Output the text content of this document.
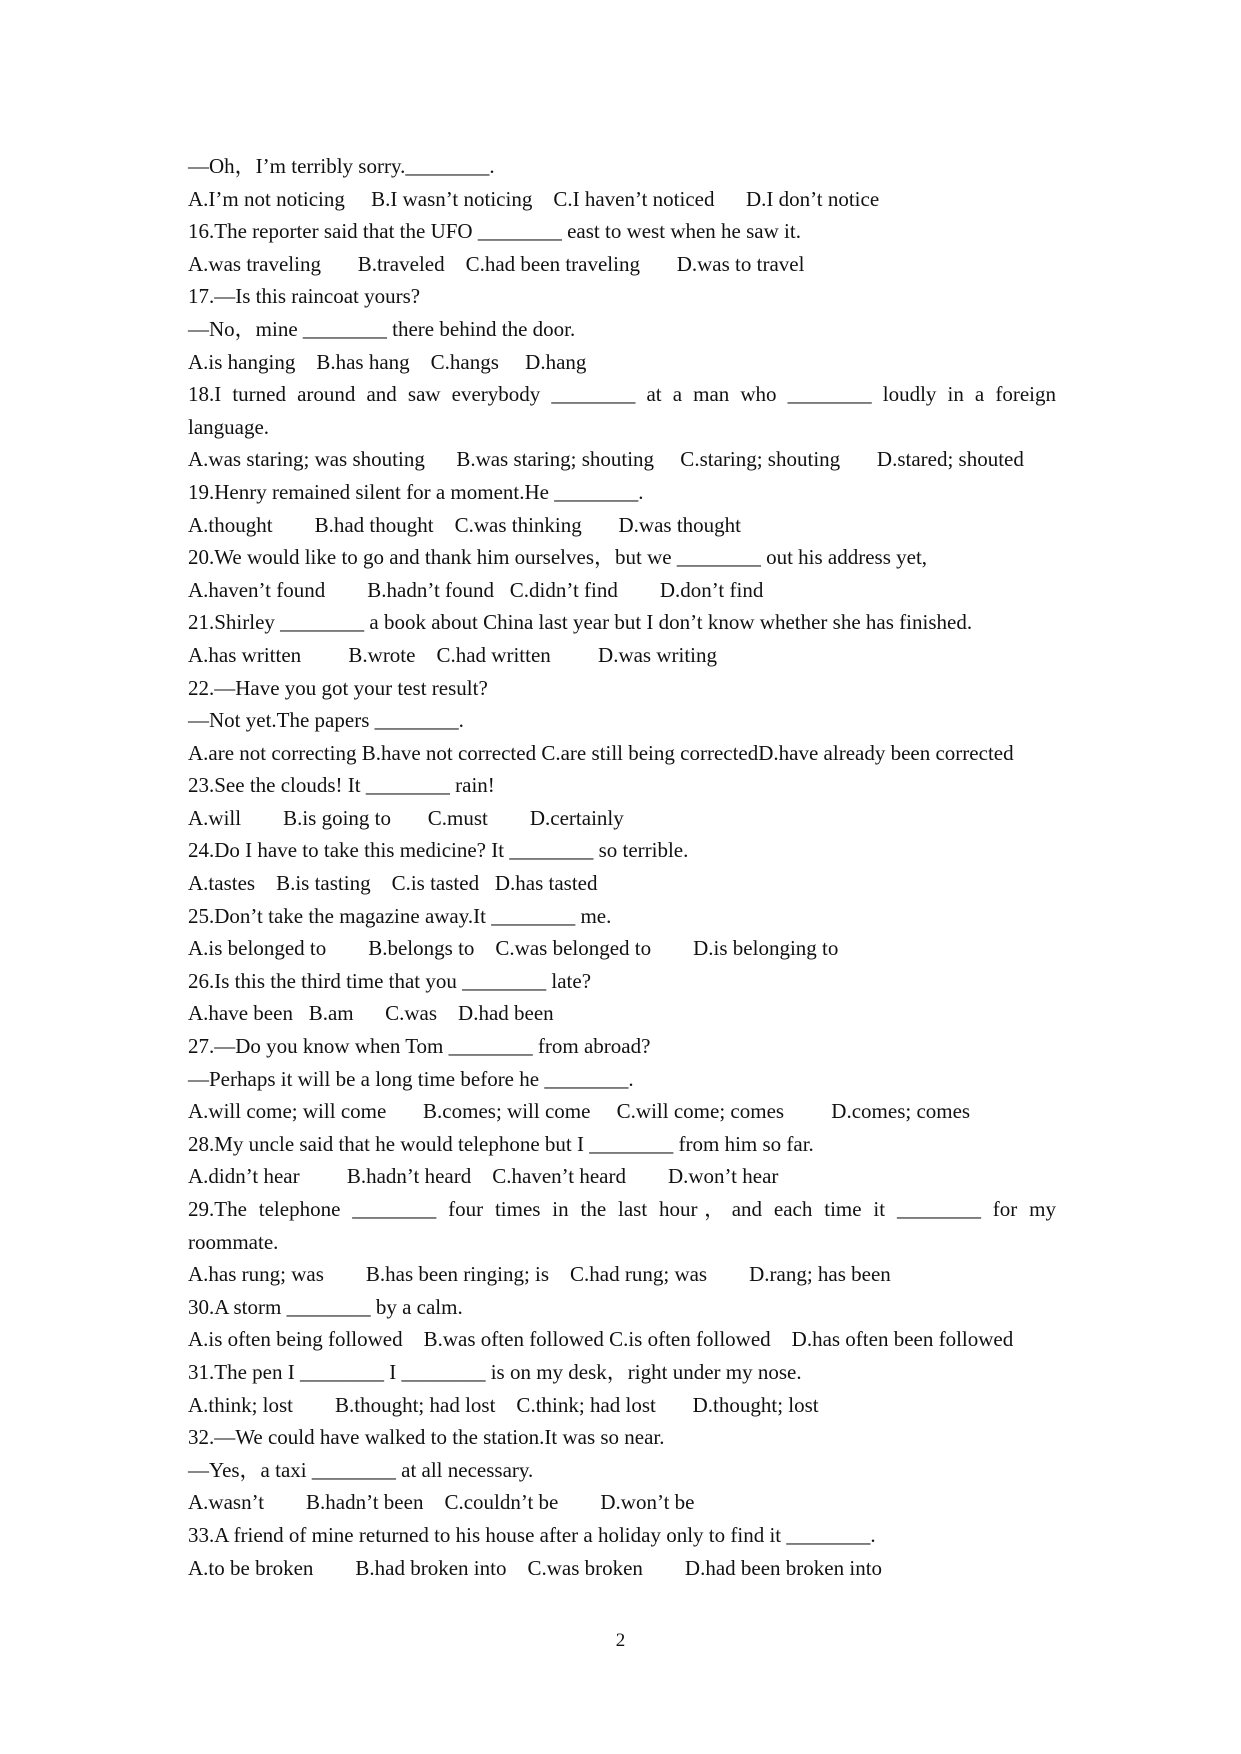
—Oh，I’m terribly sorry.________.
A.I’m not noticing     B.I wasn’t noticing    C.I haven’t noticed      D.I don’t notice
16.The reporter said that the UFO ________ east to west when he saw it.
A.was traveling       B.traveled    C.had been traveling       D.was to travel
17.—Is this raincoat yours?
—No，mine ________ there behind the door.
A.is hanging    B.has hang    C.hangs     D.hang
18.I turned around and saw everybody ________ at a man who ________ loudly in a foreign
language.
A.was staring; was shouting      B.was staring; shouting     C.staring; shouting       D.stared; shouted
19.Henry remained silent for a moment.He ________.
A.thought        B.had thought    C.was thinking       D.was thought
20.We would like to go and thank him ourselves，but we ________ out his address yet,
A.haven’t found        B.hadn’t found   C.didn’t find        D.don’t find
21.Shirley ________ a book about China last year but I don’t know whether she has finished.
A.has written         B.wrote    C.had written         D.was writing
22.—Have you got your test result?
—Not yet.The papers ________.
A.are not correcting B.have not corrected C.are still being correctedD.have already been corrected
23.See the clouds! It ________ rain!
A.will        B.is going to       C.must        D.certainly
24.Do I have to take this medicine? It ________ so terrible.
A.tastes    B.is tasting    C.is tasted   D.has tasted
25.Don’t take the magazine away.It ________ me.
A.is belonged to        B.belongs to    C.was belonged to        D.is belonging to
26.Is this the third time that you ________ late?
A.have been   B.am      C.was    D.had been
27.—Do you know when Tom ________ from abroad?
—Perhaps it will be a long time before he ________.
A.will come; will come       B.comes; will come     C.will come; comes         D.comes; comes
28.My uncle said that he would telephone but I ________ from him so far.
A.didn’t hear         B.hadn’t heard    C.haven’t heard        D.won’t hear
29.The telephone ________ four times in the last hour，and each time it ________ for my
roommate.
A.has rung; was        B.has been ringing; is    C.had rung; was        D.rang; has been
30.A storm ________ by a calm.
A.is often being followed    B.was often followed C.is often followed    D.has often been followed
31.The pen I ________ I ________ is on my desk，right under my nose.
A.think; lost        B.thought; had lost    C.think; had lost       D.thought; lost
32.—We could have walked to the station.It was so near.
—Yes，a taxi ________ at all necessary.
A.wasn’t        B.hadn’t been    C.couldn’t be        D.won’t be
33.A friend of mine returned to his house after a holiday only to find it ________.
A.to be broken        B.had broken into    C.was broken        D.had been broken into
2
